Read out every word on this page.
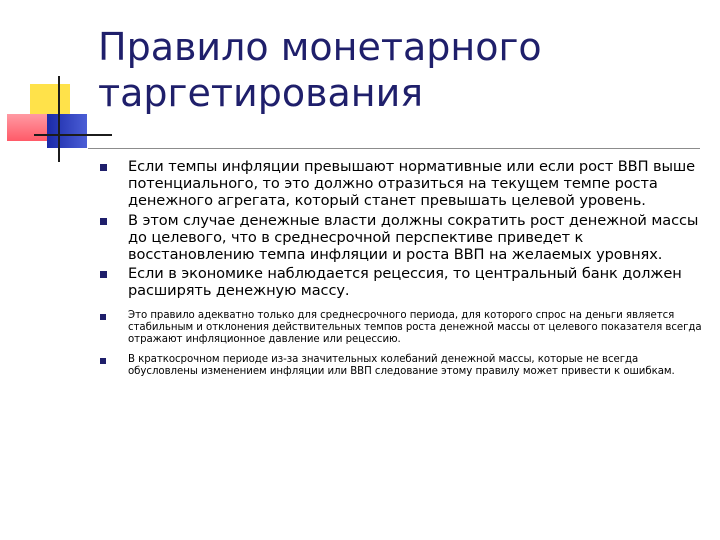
Правило монетарного
таргетирования
Если темпы инфляции превышают нормативные или если рост ВВП выше потенциального, то это должно отразиться на текущем темпе роста денежного агрегата, который станет превышать целевой уровень.
В этом случае денежные власти должны сократить рост денежной массы до целевого, что в среднесрочной перспективе приведет к восстановлению темпа инфляции и роста ВВП на желаемых уровнях.
Если в экономике наблюдается рецессия, то центральный банк должен расширять денежную массу.
Это правило адекватно только для среднесрочного периода, для которого спрос на деньги является стабильным и отклонения действительных темпов роста денежной массы от целевого показателя всегда отражают инфляционное давление или рецессию.
В краткосрочном периоде из-за значительных колебаний денежной массы, которые не всегда обусловлены изменением инфляции или ВВП следование этому правилу может привести к ошибкам.
